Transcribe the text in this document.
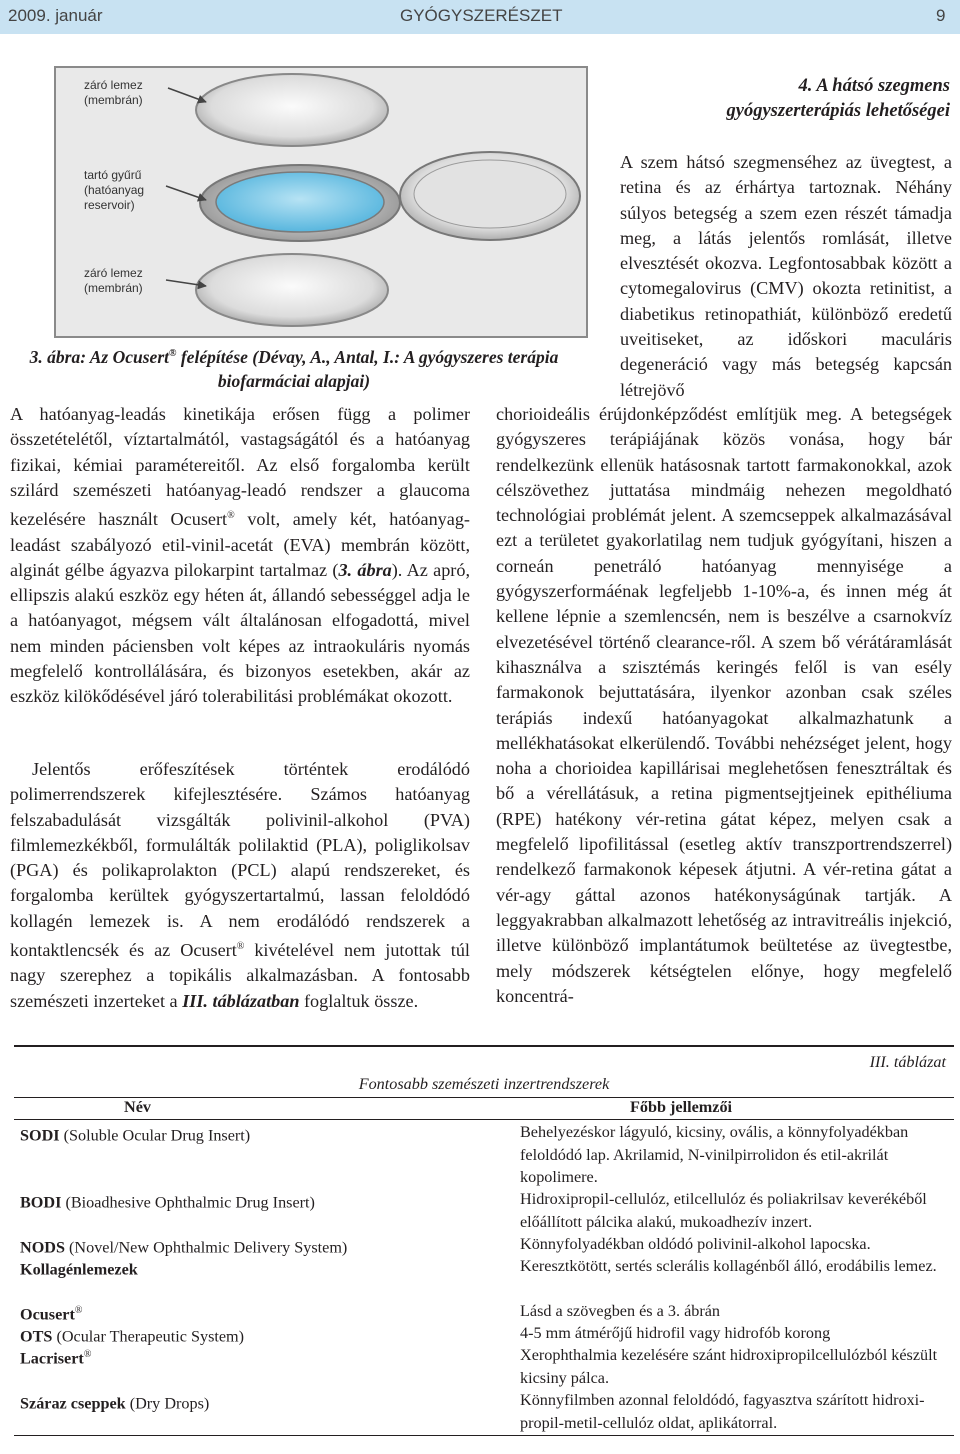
2009. január	GYÓGYSZERÉSZET	9
záró lemez (membrán)
tartó gyűrű (hatóanyag reservoir)
záró lemez (membrán)
3. ábra: Az Ocusert® felépítése (Dévay, A., Antal, I.: A gyógyszeres terápia biofarmáciai alapjai)

A hatóanyag-leadás kinetikája erősen függ a polimer összetételétől, víztartalmától, vastagságától és a hatóanyag fizikai, kémiai paramétereitől. Az első forgalomba került szilárd szemészeti hatóanyag-leadó rendszer a glaucoma kezelésére használt Ocusert® volt, amely két, hatóanyag-leadást szabályozó etil-vinil-acetát (EVA) membrán között, alginát gélbe ágyazva pilokarpint tartalmaz (3. ábra). Az apró, ellipszis alakú eszköz egy héten át, állandó sebességgel adja le a hatóanyagot, mégsem vált általánosan elfogadottá, mivel nem minden páciensben volt képes az intraokuláris nyomás megfelelő kontrollálására, és bizonyos esetekben, akár az eszköz kilökődésével járó tolerabilitási problémákat okozott.

Jelentős erőfeszítések történtek erodálódó polimerrendszerek kifejlesztésére. Számos hatóanyag felszabadulását vizsgálták polivinil-alkohol (PVA) filmlemezkékből, formulálták polilaktid (PLA), poliglikolsav (PGA) és polikaprolakton (PCL) alapú rendszereket, és forgalomba kerültek gyógyszertartalmú, lassan feloldódó kollagén lemezek is. A nem erodálódó rendszerek a kontaktlencsék és az Ocusert® kivételével nem jutottak túl nagy szerephez a topikális alkalmazásban. A fontosabb szemészeti inzerteket a III. táblázatban foglaltuk össze.

4. A hátsó szegmens
gyógyszerterápiás lehetőségei

A szem hátsó szegmenséhez az üvegtest, a retina és az érhártya tartoznak. Néhány súlyos betegség a szem ezen részét támadja meg, a látás jelentős romlását, illetve elvesztését okozva. Legfontosabbak között a cytomegalovirus (CMV) okozta retinitist, a diabetikus retinopathiát, különböző eredetű uveitiseket, az időskori maculáris degeneráció vagy más betegség kapcsán létrejövő

chorioideális érújdonképződést említjük meg. A betegségek gyógyszeres terápiájának közös vonása, hogy bár rendelkezünk ellenük hatásosnak tartott farmakonokkal, azok célszövethez juttatása mindmáig nehezen megoldható technológiai problémát jelent. A szemcseppek alkalmazásával ezt a területet gyakorlatilag nem tudjuk gyógyítani, hiszen a corneán penetráló hatóanyag mennyisége a gyógyszerformáénak legfeljebb 1-10%-a, és innen még át kellene lépnie a szemlencsén, nem is beszélve a csarnokvíz elvezetésével történő clearance-ről. A szem bő vérátáramlását kihasználva a szisztémás keringés felől is van esély farmakonok bejuttatására, ilyenkor azonban csak széles terápiás indexű hatóanyagokat alkalmazhatunk a mellékhatásokat elkerülendő. További nehézséget jelent, hogy noha a chorioidea kapillárisai meglehetősen fenesztráltak és bő a vérellátásuk, a retina pigmentsejtjeinek epithéliuma (RPE) hatékony vér-retina gátat képez, melyen csak a megfelelő lipofilitással (esetleg aktív transzportrendszerrel) rendelkező farmakonok képesek átjutni. A vér-retina gátat a vér-agy gáttal azonos hatékonyságúnak tartják. A leggyakrabban alkalmazott lehetőség az intravitreális injekció, illetve különböző implantátumok beültetése az üvegtestbe, mely módszerek kétségtelen előnye, hogy megfelelő koncentrá-

III. táblázat
Fontosabb szemészeti inzertrendszerek
Név	Főbb jellemzői
SODI (Soluble Ocular Drug Insert)	Behelyezéskor lágyuló, kicsiny, ovális, a könnyfolyadékban feloldódó lap. Akrilamid, N-vinilpirrolidon és etil-akrilát kopolimere.
BODI (Bioadhesive Ophthalmic Drug Insert)	Hidroxipropil-cellulóz, etilcellulóz és poliakrilsav keverékéből előállított pálcika alakú, mukoadhezív inzert.
NODS (Novel/New Ophthalmic Delivery System)	Könnyfolyadékban oldódó polivinil-alkohol lapocska.
Kollagénlemezek	Keresztkötött, sertés sclerális kollagénből álló, erodábilis lemez.
Ocusert®	Lásd a szövegben és a 3. ábrán
OTS (Ocular Therapeutic System)	4-5 mm átmérőjű hidrofil vagy hidrofób korong
Lacrisert®	Xerophthalmia kezelésére szánt hidroxipropilcellulózból készült kicsiny pálca.
Száraz cseppek (Dry Drops)	Könnyfilmben azonnal feloldódó, fagyasztva szárított hidroxi-propil-metil-cellulóz oldat, aplikátorral.
